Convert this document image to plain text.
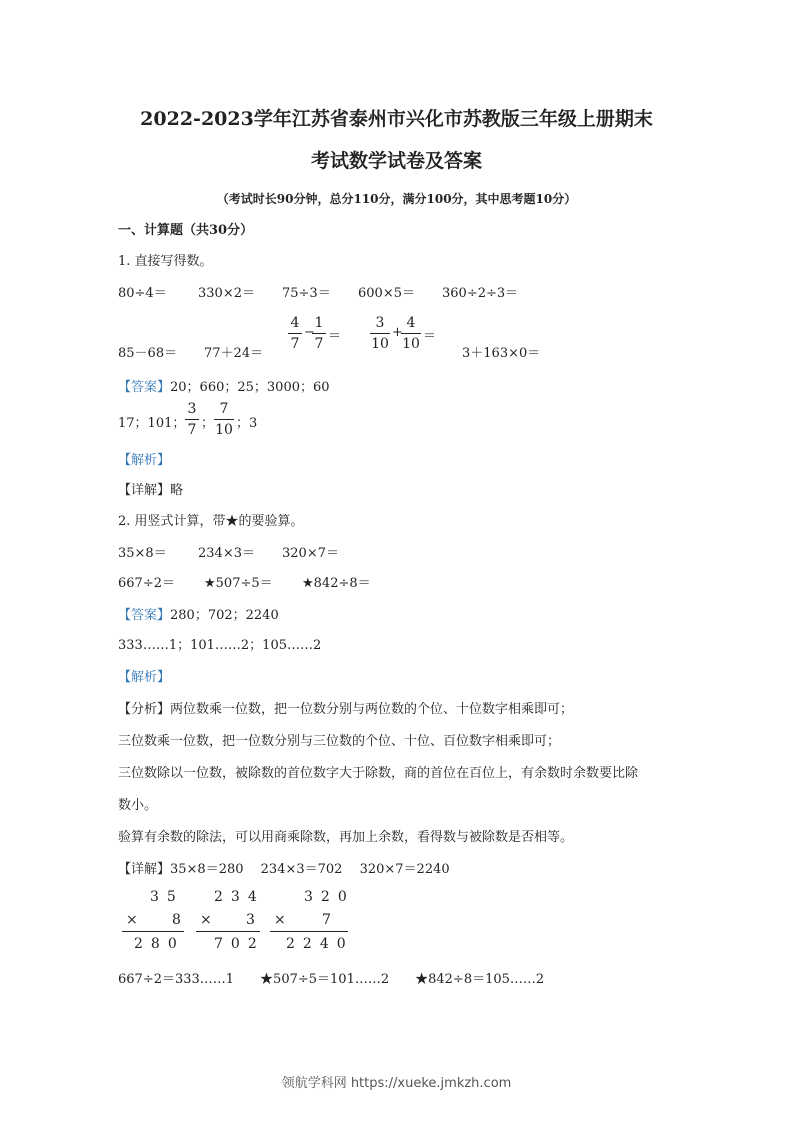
2022-2023学年江苏省泰州市兴化市苏教版三年级上册期末
考试数学试卷及答案
（考试时长90分钟，总分110分，满分100分，其中思考题10分）
一、计算题（共30分）
1. 直接写得数。
80÷4＝ 330×2＝ 75÷3＝ 600×5＝ 360÷2÷3＝
85－68＝ 77＋24＝
4
7
−
1
7 ＝
3
10
+
4
10 ＝
3＋163×0＝
【答案】20；660；25；3000；60
17；101；
3
7 ；
7
10 ；3
【解析】
【详解】略
2. 用竖式计算，带★的要验算。
35×8＝ 234×3＝ 320×7＝
667÷2＝ ★507÷5＝ ★842÷8＝
【答案】280；702；2240
333……1；101……2；105……2
【解析】
【分析】两位数乘一位数，把一位数分别与两位数的个位、十位数字相乘即可；
三位数乘一位数，把一位数分别与三位数的个位、十位、百位数字相乘即可；
三位数除以一位数，被除数的首位数字大于除数，商的首位在百位上，有余数时余数要比除
数小。
验算有余数的除法，可以用商乘除数，再加上余数，看得数与被除数是否相等。
【详解】35×8＝280　 234×3＝702　 320×7＝2240
35
× 8
280
234
× 3
702
320
× 7
2240
667÷2＝333……1　　★507÷5＝101……2　　★842÷8＝105……2
领航学科网 https://xueke.jmkzh.com
